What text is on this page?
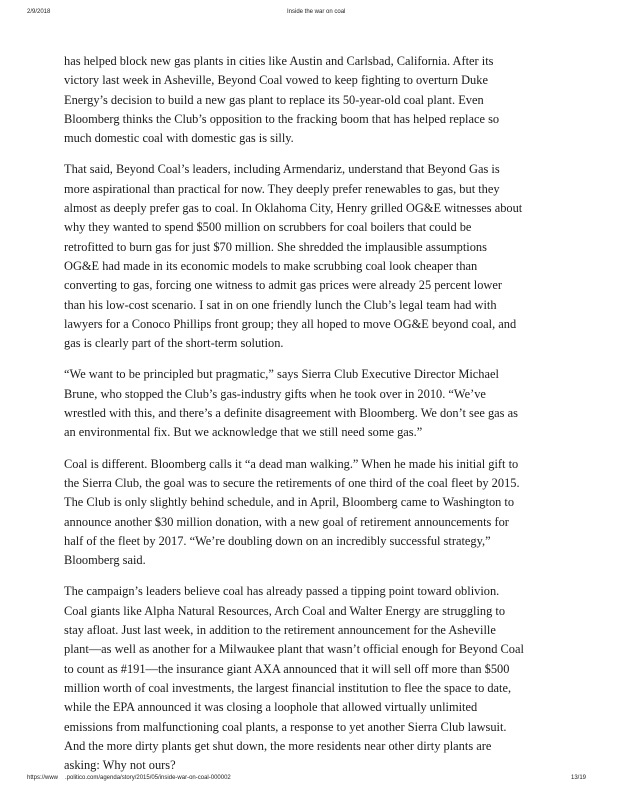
2/9/2018	Inside the war on coal

has helped block new gas plants in cities like Austin and Carlsbad, California. After its
victory last week in Asheville, Beyond Coal vowed to keep fighting to overturn Duke
Energy’s decision to build a new gas plant to replace its 50-year-old coal plant. Even
Bloomberg thinks the Club’s opposition to the fracking boom that has helped replace so
much domestic coal with domestic gas is silly.

That said, Beyond Coal’s leaders, including Armendariz, understand that Beyond Gas is
more aspirational than practical for now. They deeply prefer renewables to gas, but they
almost as deeply prefer gas to coal. In Oklahoma City, Henry grilled OG&E witnesses about
why they wanted to spend $500 million on scrubbers for coal boilers that could be
retrofitted to burn gas for just $70 million. She shredded the implausible assumptions
OG&E had made in its economic models to make scrubbing coal look cheaper than
converting to gas, forcing one witness to admit gas prices were already 25 percent lower
than his low-cost scenario. I sat in on one friendly lunch the Club’s legal team had with
lawyers for a Conoco Phillips front group; they all hoped to move OG&E beyond coal, and
gas is clearly part of the short-term solution.

“We want to be principled but pragmatic,” says Sierra Club Executive Director Michael
Brune, who stopped the Club’s gas-industry gifts when he took over in 2010. “We’ve
wrestled with this, and there’s a definite disagreement with Bloomberg. We don’t see gas as
an environmental fix. But we acknowledge that we still need some gas.”

Coal is different. Bloomberg calls it “a dead man walking.” When he made his initial gift to
the Sierra Club, the goal was to secure the retirements of one third of the coal fleet by 2015.
The Club is only slightly behind schedule, and in April, Bloomberg came to Washington to
announce another $30 million donation, with a new goal of retirement announcements for
half of the fleet by 2017. “We’re doubling down on an incredibly successful strategy,”
Bloomberg said.

The campaign’s leaders believe coal has already passed a tipping point toward oblivion.
Coal giants like Alpha Natural Resources, Arch Coal and Walter Energy are struggling to
stay afloat. Just last week, in addition to the retirement announcement for the Asheville
plant—as well as another for a Milwaukee plant that wasn’t official enough for Beyond Coal
to count as #191—the insurance giant AXA announced that it will sell off more than $500
million worth of coal investments, the largest financial institution to flee the space to date,
while the EPA announced it was closing a loophole that allowed virtually unlimited
emissions from malfunctioning coal plants, a response to yet another Sierra Club lawsuit.
And the more dirty plants get shut down, the more residents near other dirty plants are
asking: Why not ours?

https://www .politico.com/agenda/story/2015/05/inside-war-on-coal-000002	13/19
